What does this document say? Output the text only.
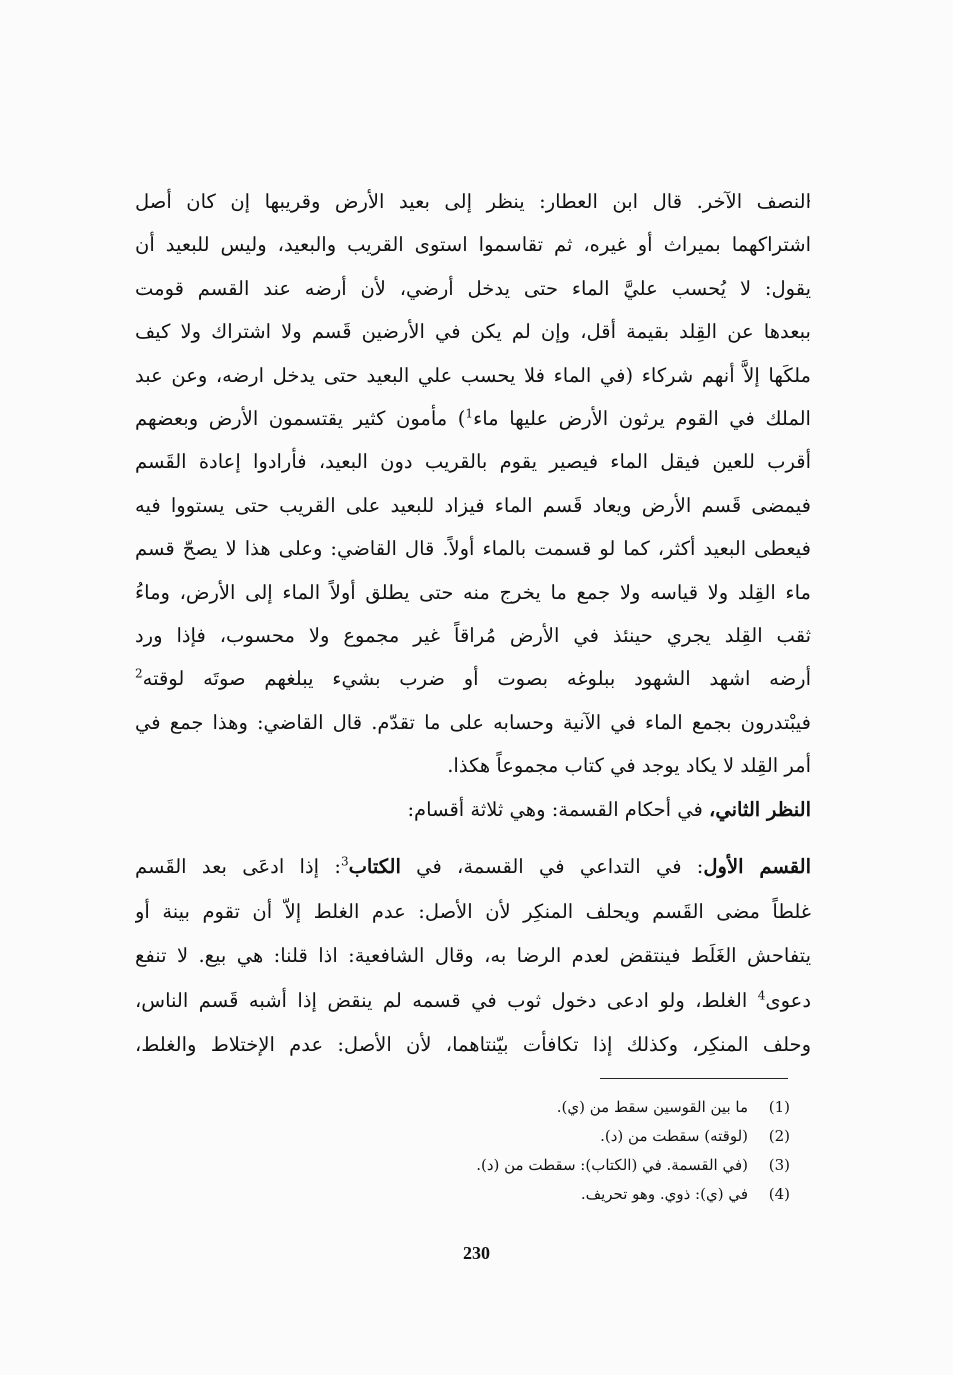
النصف الآخر. قال ابن العطار: ينظر إلى بعيد الأرض وقريبها إن كان أصل
اشتراكهما بميراث أو غيره، ثم تقاسموا استوى القريب والبعيد، وليس للبعيد أن
يقول: لا يُحسب عليَّ الماء حتى يدخل أرضي، لأن أرضه عند القسم قومت
ببعدها عن القِلد بقيمة أقل، وإن لم يكن في الأرضين قَسم ولا اشتراك ولا كيف
ملكَها إلاَّ أنهم شركاء (في الماء فلا يحسب علي البعيد حتى يدخل ارضه، وعن عبد
الملك في القوم يرثون الأرض عليها ماء$^1$) مأمون كثير يقتسمون الأرض وبعضهم
أقرب للعين فيقل الماء فيصير يقوم بالقريب دون البعيد، فأرادوا إعادة القَسم
فيمضى قَسم الأرض ويعاد قَسم الماء فيزاد للبعيد على القريب حتى يستووا فيه
فيعطى البعيد أكثر، كما لو قسمت بالماء أولاً. قال القاضي: وعلى هذا لا يصحّ قسم
ماء القِلد ولا قياسه ولا جمع ما يخرج منه حتى يطلق أولاً الماء إلى الأرض، وماءُ
ثقب القِلد يجري حينئذ في الأرض مُراقاً غير مجموع ولا محسوب، فإذا ورد
أرضه اشهد الشهود ببلوغه بصوت أو ضرب بشيء يبلغهم صوتَه لوقته$^2$
فيبْتدرون بجمع الماء في الآنية وحسابه على ما تقدّم. قال القاضي: وهذا جمع في
أمر القِلد لا يكاد يوجد في كتاب مجموعاً هكذا.
النظر الثاني، في أحكام القسمة: وهي ثلاثة أقسام:
القسم الأول: في التداعي في القسمة، في الكتاب$^3$: إذا ادعَى بعد القَسم
غلطاً مضى القَسم ويحلف المنكِر لأن الأصل: عدم الغلط إلاّ أن تقوم بينة أو
يتفاحش الغَلَط فينتقض لعدم الرضا به، وقال الشافعية: اذا قلنا: هي بيع. لا تنفع
دعوى$^4$ الغلط، ولو ادعى دخول ثوب في قسمه لم ينقض إذا أشبه قَسم الناس،
وحلف المنكِر، وكذلك إذا تكافأت بيّنتاهما، لأن الأصل: عدم الإختلاط والغلط،
(1)ما بين القوسين سقط من (ي).
(2)(لوقته) سقطت من (د).
(3)(في القسمة. في (الكتاب): سقطت من (د).
(4)في (ي): ذوي. وهو تحريف.
230
